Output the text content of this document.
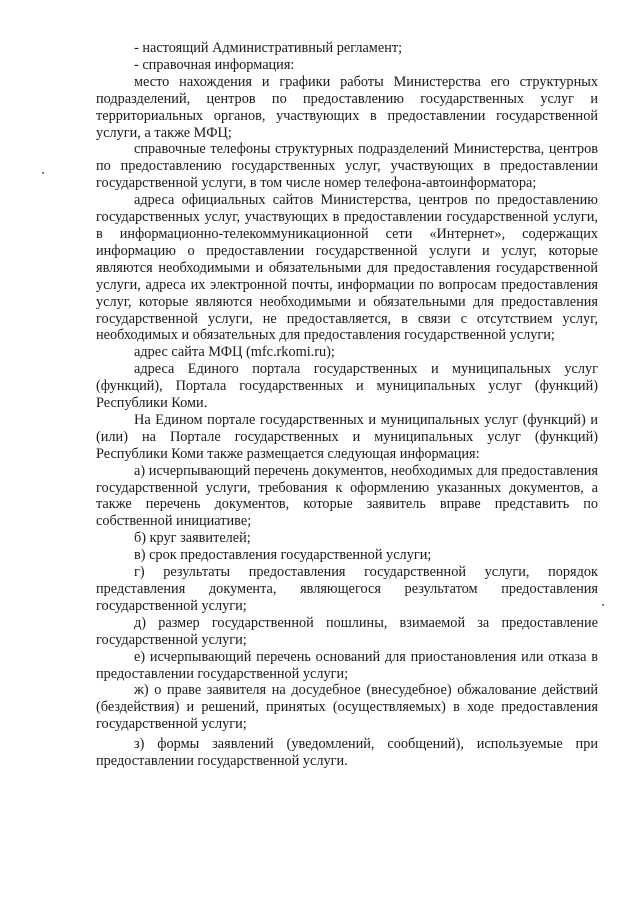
- настоящий Административный регламент;

- справочная информация:

место нахождения и графики работы Министерства его структурных подразделений, центров по предоставлению государственных услуг и территориальных органов, участвующих в предоставлении государственной услуги, а также МФЦ;

справочные телефоны структурных подразделений Министерства, центров по предоставлению государственных услуг, участвующих в предоставлении государственной услуги, в том числе номер телефона-автоинформатора;

адреса официальных сайтов Министерства, центров по предоставлению государственных услуг, участвующих в предоставлении государственной услуги, в информационно-телекоммуникационной сети «Интернет», содержащих информацию о предоставлении государственной услуги и услуг, которые являются необходимыми и обязательными для предоставления государственной услуги, адреса их электронной почты, информации по вопросам предоставления услуг, которые являются необходимыми и обязательными для предоставления государственной услуги, не предоставляется, в связи с отсутствием услуг, необходимых и обязательных для предоставления государственной услуги;

адрес сайта МФЦ (mfc.rkomi.ru);

адреса Единого портала государственных и муниципальных услуг (функций), Портала государственных и муниципальных услуг (функций) Республики Коми.

На Едином портале государственных и муниципальных услуг (функций) и (или) на Портале государственных и муниципальных услуг (функций) Республики Коми также размещается следующая информация:

а) исчерпывающий перечень документов, необходимых для предоставления государственной услуги, требования к оформлению указанных документов, а также перечень документов, которые заявитель вправе представить по собственной инициативе;

б) круг заявителей;

в) срок предоставления государственной услуги;

г) результаты предоставления государственной услуги, порядок представления документа, являющегося результатом предоставления государственной услуги;

д) размер государственной пошлины, взимаемой за предоставление государственной услуги;

е) исчерпывающий перечень оснований для приостановления или отказа в предоставлении государственной услуги;

ж) о праве заявителя на досудебное (внесудебное) обжалование действий (бездействия) и решений, принятых (осуществляемых) в ходе предоставления государственной услуги;

з) формы заявлений (уведомлений, сообщений), используемые при предоставлении государственной услуги.
